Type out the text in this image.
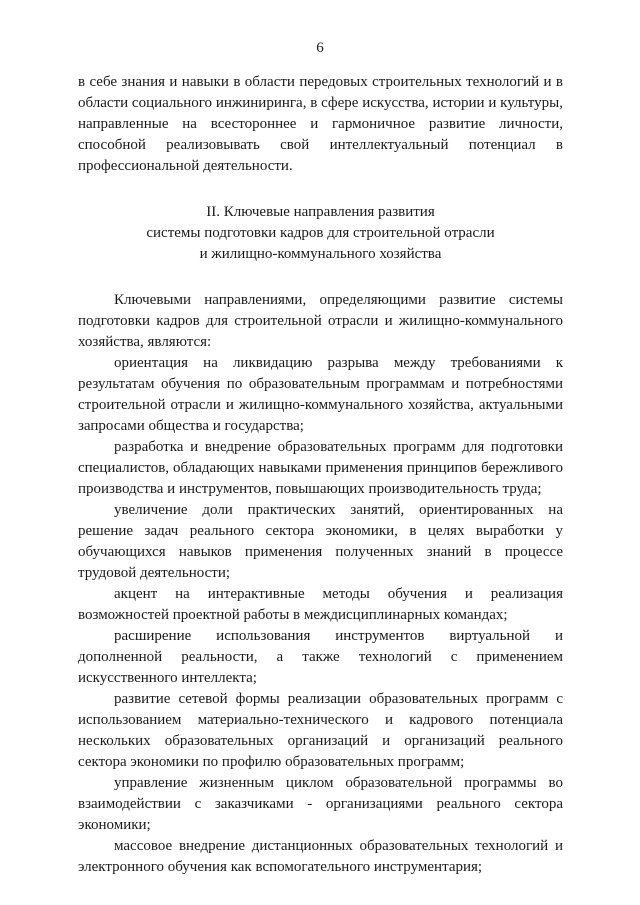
6

в себе знания и навыки в области передовых строительных технологий и в области социального инжиниринга, в сфере искусства, истории и культуры, направленные на всестороннее и гармоничное развитие личности, способной реализовывать свой интеллектуальный потенциал в профессиональной деятельности.

II. Ключевые направления развития
системы подготовки кадров для строительной отрасли
и жилищно-коммунального хозяйства

Ключевыми направлениями, определяющими развитие системы подготовки кадров для строительной отрасли и жилищно-коммунального хозяйства, являются:

ориентация на ликвидацию разрыва между требованиями к результатам обучения по образовательным программам и потребностями строительной отрасли и жилищно-коммунального хозяйства, актуальными запросами общества и государства;

разработка и внедрение образовательных программ для подготовки специалистов, обладающих навыками применения принципов бережливого производства и инструментов, повышающих производительность труда;

увеличение доли практических занятий, ориентированных на решение задач реального сектора экономики, в целях выработки у обучающихся навыков применения полученных знаний в процессе трудовой деятельности;

акцент на интерактивные методы обучения и реализация возможностей проектной работы в междисциплинарных командах;

расширение использования инструментов виртуальной и дополненной реальности, а также технологий с применением искусственного интеллекта;

развитие сетевой формы реализации образовательных программ с использованием материально-технического и кадрового потенциала нескольких образовательных организаций и организаций реального сектора экономики по профилю образовательных программ;

управление жизненным циклом образовательной программы во взаимодействии с заказчиками - организациями реального сектора экономики;

массовое внедрение дистанционных образовательных технологий и электронного обучения как вспомогательного инструментария;
